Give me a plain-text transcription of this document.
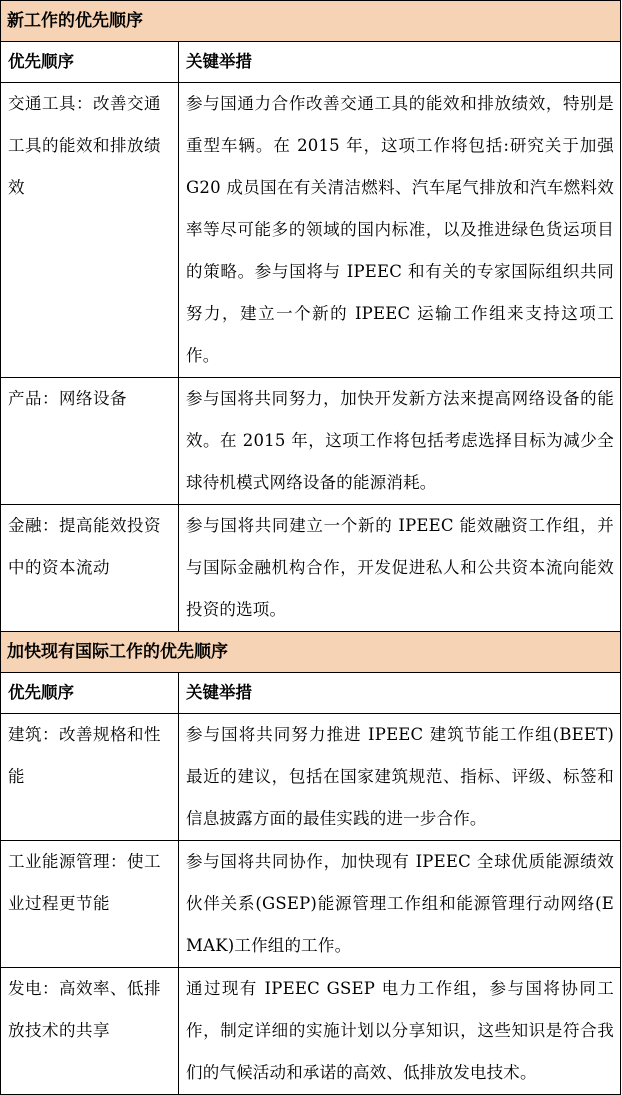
新工作的优先顺序	
优先顺序	关键举措
交通工具：改善交通工具的能效和排放绩效	参与国通力合作改善交通工具的能效和排放绩效，特别是重型车辆。在 2015 年，这项工作将包括:研究关于加强 G20 成员国在有关清洁燃料、汽车尾气排放和汽车燃料效率等尽可能多的领域的国内标准，以及推进绿色货运项目的策略。参与国将与 IPEEC 和有关的专家国际组织共同努力，建立一个新的 IPEEC 运输工作组来支持这项工作。
产品：网络设备	参与国将共同努力，加快开发新方法来提高网络设备的能效。在 2015 年，这项工作将包括考虑选择目标为减少全球待机模式网络设备的能源消耗。
金融：提高能效投资中的资本流动	参与国将共同建立一个新的 IPEEC 能效融资工作组，并与国际金融机构合作，开发促进私人和公共资本流向能效投资的选项。
加快现有国际工作的优先顺序	
优先顺序	关键举措
建筑：改善规格和性能	参与国将共同努力推进 IPEEC 建筑节能工作组(BEET)最近的建议，包括在国家建筑规范、指标、评级、标签和信息披露方面的最佳实践的进一步合作。
工业能源管理：使工业过程更节能	参与国将共同协作，加快现有 IPEEC 全球优质能源绩效伙伴关系(GSEP)能源管理工作组和能源管理行动网络(EMAK)工作组的工作。
发电：高效率、低排放技术的共享	通过现有 IPEEC GSEP 电力工作组，参与国将协同工作，制定详细的实施计划以分享知识，这些知识是符合我们的气候活动和承诺的高效、低排放发电技术。
